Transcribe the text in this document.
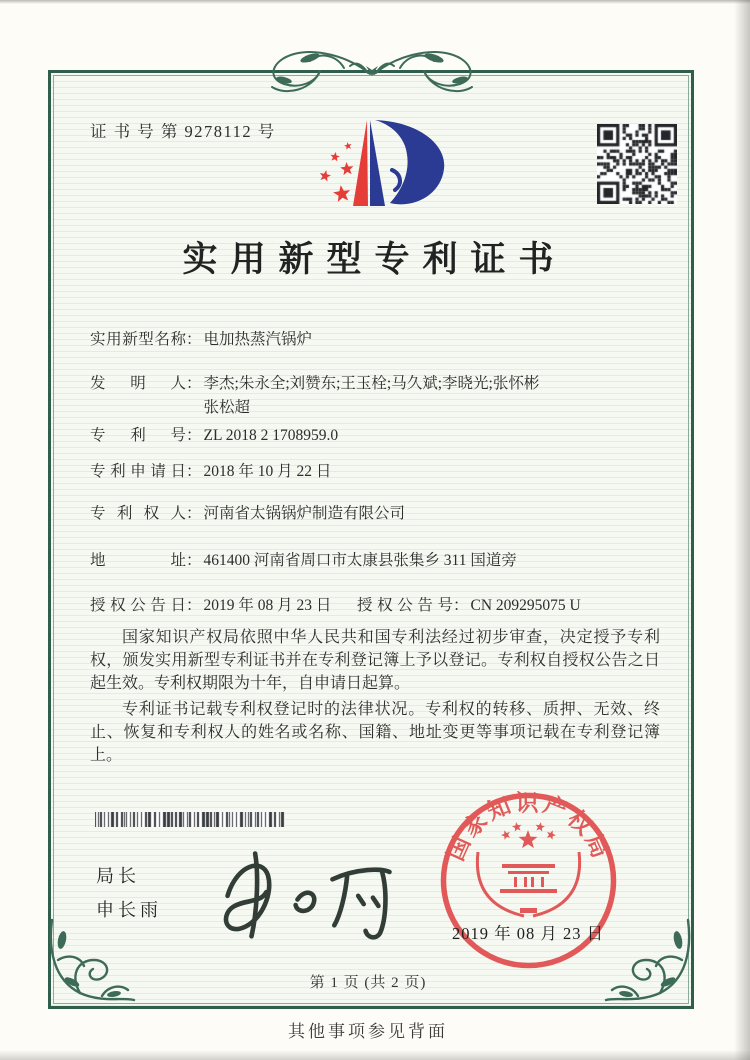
证 书 号 第 9278112 号
实用新型专利证书
实用新型名称 ： 电加热蒸汽锅炉
发明人 ： 李杰;朱永全;刘赞东;王玉栓;马久斌;李晓光;张怀彬
张松超
专利号 ： ZL 2018 2 1708959.0
专利申请日 ： 2018 年 10 月 22 日
专利权人 ： 河南省太锅锅炉制造有限公司
地址 ： 461400 河南省周口市太康县张集乡 311 国道旁
授权公告日 ： 2019 年 08 月 23 日 授权公告号 ： CN 209295075 U

国家知识产权局依照中华人民共和国专利法经过初步审查，决定授予专利权，颁发实用新型专利证书并在专利登记簿上予以登记。专利权自授权公告之日起生效。专利权期限为十年，自申请日起算。

专利证书记载专利权登记时的法律状况。专利权的转移、质押、无效、终止、恢复和专利权人的姓名或名称、国籍、地址变更等事项记载在专利登记簿上。

局长
申长雨
国家知识产权局
2019 年 08 月 23 日
第 1 页 (共 2 页)
其他事项参见背面
